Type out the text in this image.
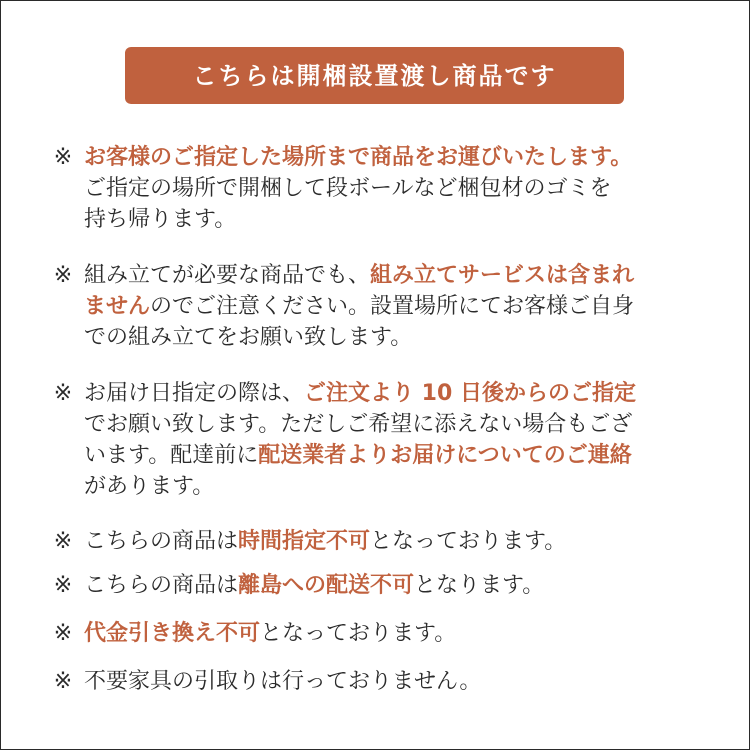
こちらは開梱設置渡し商品です
※ お客様のご指定した場所まで商品をお運びいたします。
ご指定の場所で開梱して段ボールなど梱包材のゴミを
持ち帰ります。
※ 組み立てが必要な商品でも、組み立てサービスは含まれ
ませんのでご注意ください。設置場所にてお客様ご自身
での組み立てをお願い致します。
※ お届け日指定の際は、ご注文より 10 日後からのご指定
でお願い致します。ただしご希望に添えない場合もござ
います。配達前に配送業者よりお届けについてのご連絡
があります。
※ こちらの商品は時間指定不可となっております。
※ こちらの商品は離島への配送不可となります。
※ 代金引き換え不可となっております。
※ 不要家具の引取りは行っておりません。
